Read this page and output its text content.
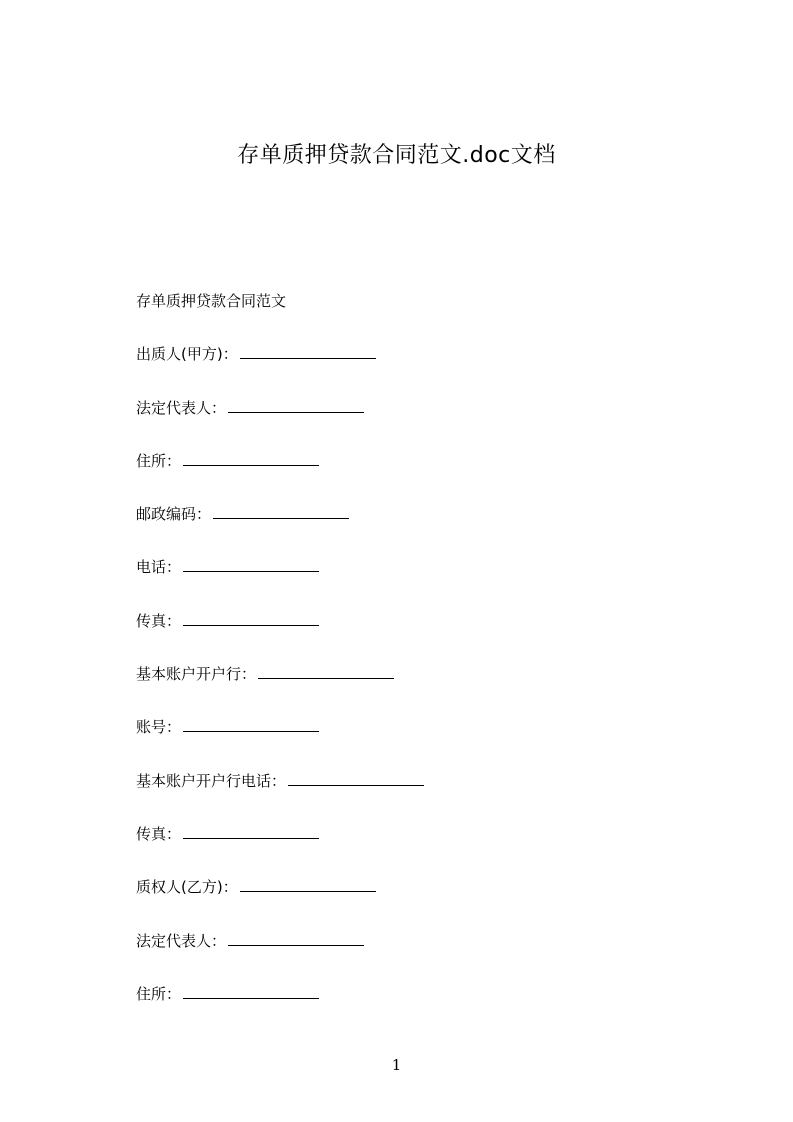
存单质押贷款合同范文.doc文档
存单质押贷款合同范文
出质人(甲方)：
法定代表人：
住所：
邮政编码：
电话：
传真：
基本账户开户行：
账号：
基本账户开户行电话：
传真：
质权人(乙方)：
法定代表人：
住所：
1
